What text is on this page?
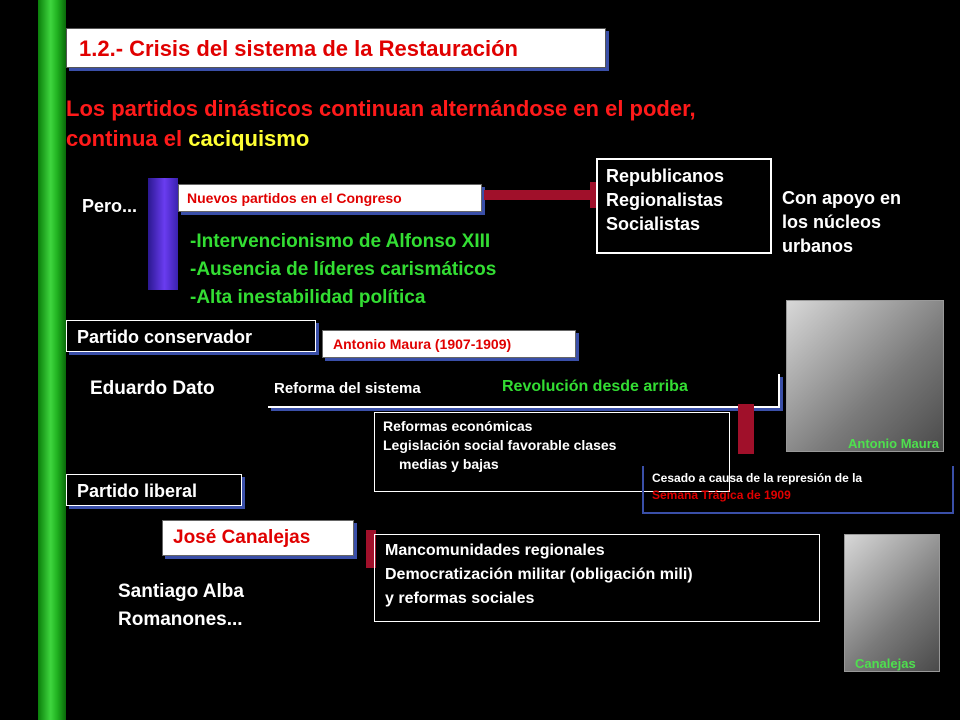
1.2.- Crisis del sistema de la Restauración
Los partidos dinásticos continuan alternándose en el poder,
continua el caciquismo
Pero...	Nuevos partidos en el Congreso
Republicanos
Regionalistas
Socialistas
Con apoyo en
los núcleos
urbanos
-Intervencionismo de Alfonso XIII
-Ausencia de líderes carismáticos
-Alta inestabilidad política
Partido conservador
Eduardo Dato
Antonio Maura (1907-1909)
Reforma del sistema	Revolución desde arriba
Reformas económicas
Legislación social favorable clases
medias y bajas
Antonio Maura
Cesado a causa de la represión de la
Semana Trágica de 1909
Partido liberal
José Canalejas
Santiago Alba
Romanones...
Mancomunidades regionales
Democratización militar (obligación mili)
y reformas sociales
Canalejas
